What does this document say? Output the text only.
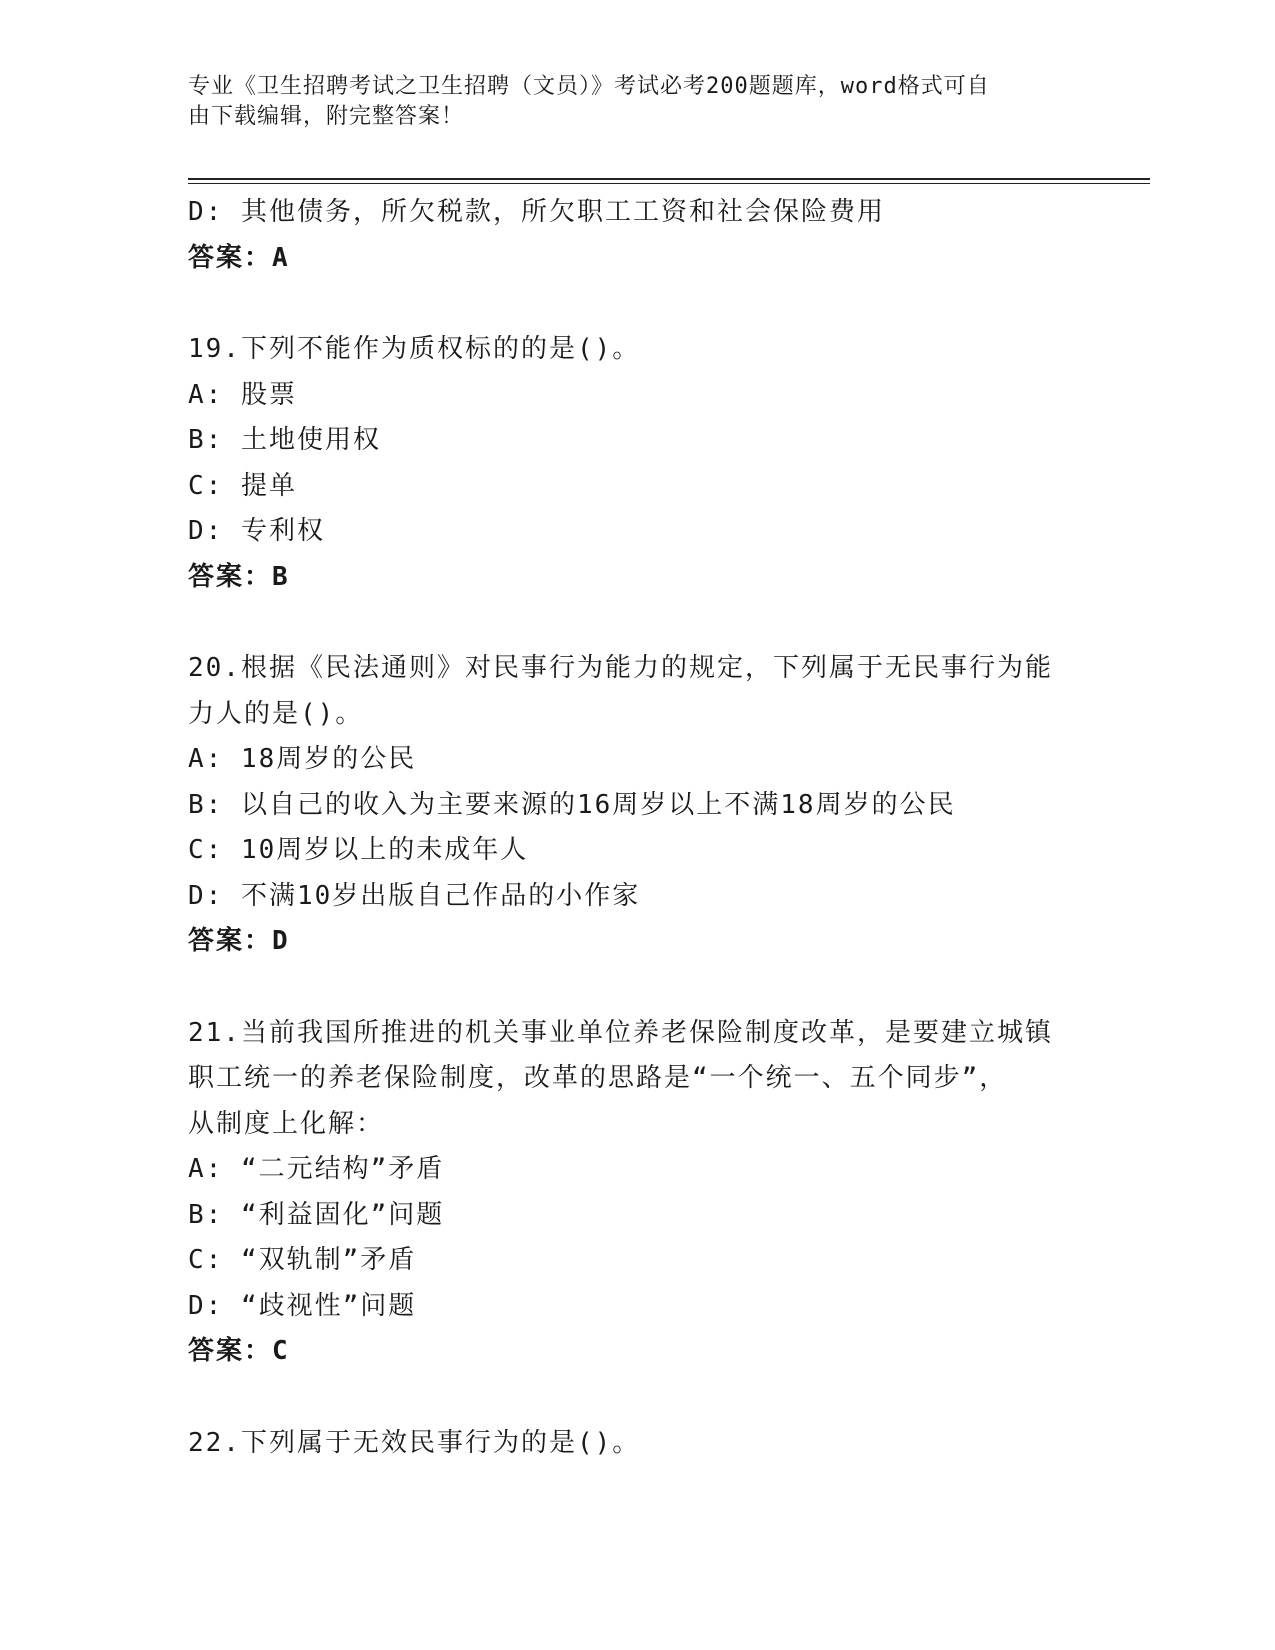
专业《卫生招聘考试之卫生招聘（文员）》考试必考200题题库，word格式可自
由下载编辑，附完整答案！
D: 其他债务，所欠税款，所欠职工工资和社会保险费用
答案：A
19.下列不能作为质权标的的是()。
A: 股票
B: 土地使用权
C: 提单
D: 专利权
答案：B
20.根据《民法通则》对民事行为能力的规定，下列属于无民事行为能
力人的是()。
A: 18周岁的公民
B: 以自己的收入为主要来源的16周岁以上不满18周岁的公民
C: 10周岁以上的未成年人
D: 不满10岁出版自己作品的小作家
答案：D
21.当前我国所推进的机关事业单位养老保险制度改革，是要建立城镇
职工统一的养老保险制度，改革的思路是“一个统一、五个同步”，
从制度上化解：
A: “二元结构”矛盾
B: “利益固化”问题
C: “双轨制”矛盾
D: “歧视性”问题
答案：C
22.下列属于无效民事行为的是()。
